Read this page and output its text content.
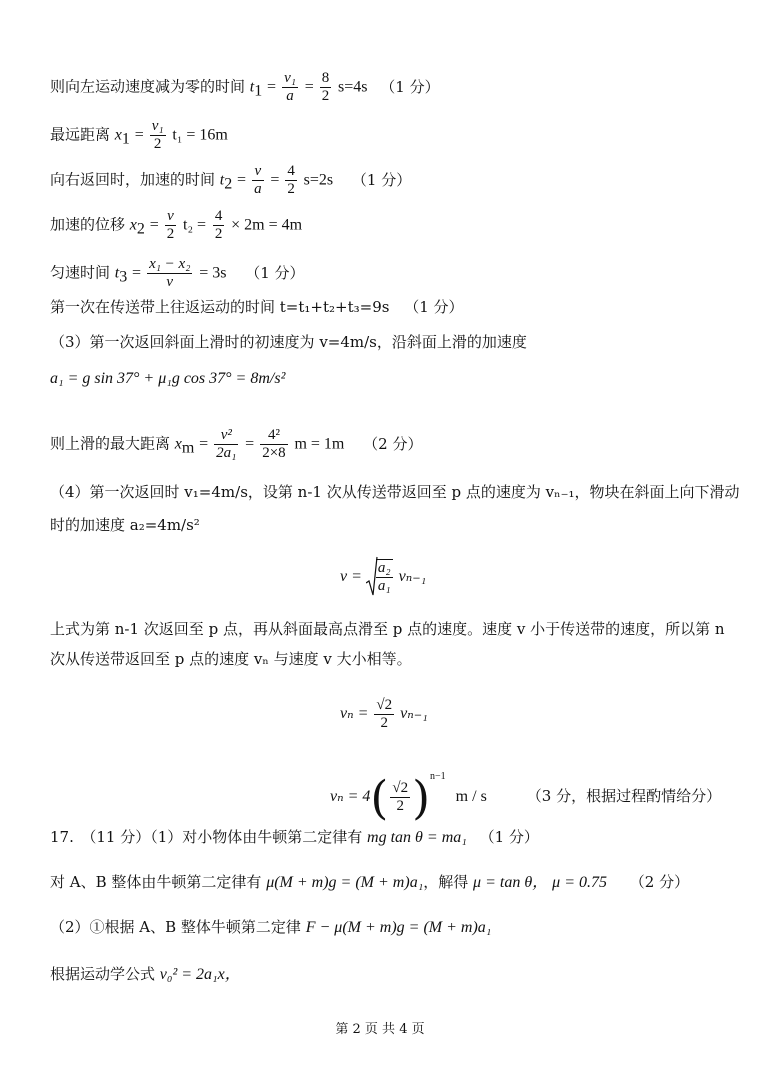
则向左运动速度减为零的时间 $t_1 = \frac{\text{v₁}}{a} = \frac{8}{2} s=4s$ （1 分）
最远距离 $x_1 = \frac{\text{v₁}}{2} t_1 = 16m$
向右返回时，加速的时间 $t_2 = \frac{v}{a} = \frac{4}{2} s=2s$ （1 分）
加速的位移 $x_2 = \frac{v}{2} t_2 = \frac{4}{2} \times 2m = 4m$
匀速时间 $t_3 = \frac{\text{x₁ − x₂}}{v} = 3s$ （1 分）
第一次在传送带上往返运动的时间 t=t₁+t₂+t₃=9s （1 分）
（3）第一次返回斜面上滑时的初速度为 v=4m/s，沿斜面上滑的加速度
a₁ = g sin 37° + μ₁g cos 37° = 8m/s²
则上滑的最大距离 $x_m = \frac{\text{v²}}{\text{2a₁}} = \frac{\text{4²}}{2\times 8}$ m = 1m （2 分）
（4）第一次返回时 v₁=4m/s，设第 n-1 次从传送带返回至 p 点的速度为 vₙ₋₁，物块在斜面上向下滑动
时的加速度 a₂=4m/s²
$v = \frac{\text{a₂}}{\text{a₁}} v_{n-1}$
上式为第 n-1 次返回至 p 点，再从斜面最高点滑至 p 点的速度。速度 v 小于传送带的速度，所以第 n
次从传送带返回至 p 点的速度 vₙ 与速度 v 大小相等。
$v_n = \frac{√2}{2} v_{n-1}$
$v_n = 4( \frac{√2}{2} )^{n-1}$ m / s	（3 分，根据过程酌情给分）
17.　（11 分）（1）对小物体由牛顿第二定律有 mg tan θ = ma₁ （1 分）
对 A、B 整体由牛顿第二定律有 μ(M + m)g = (M + m)a₁，解得 μ = tan θ， μ = 0.75 （2 分）
（2）①根据 A、B 整体牛顿第二定律 F − μ(M + m)g = (M + m)a₁
根据运动学公式 v₀² = 2a₁x，
第 2 页 共 4 页
